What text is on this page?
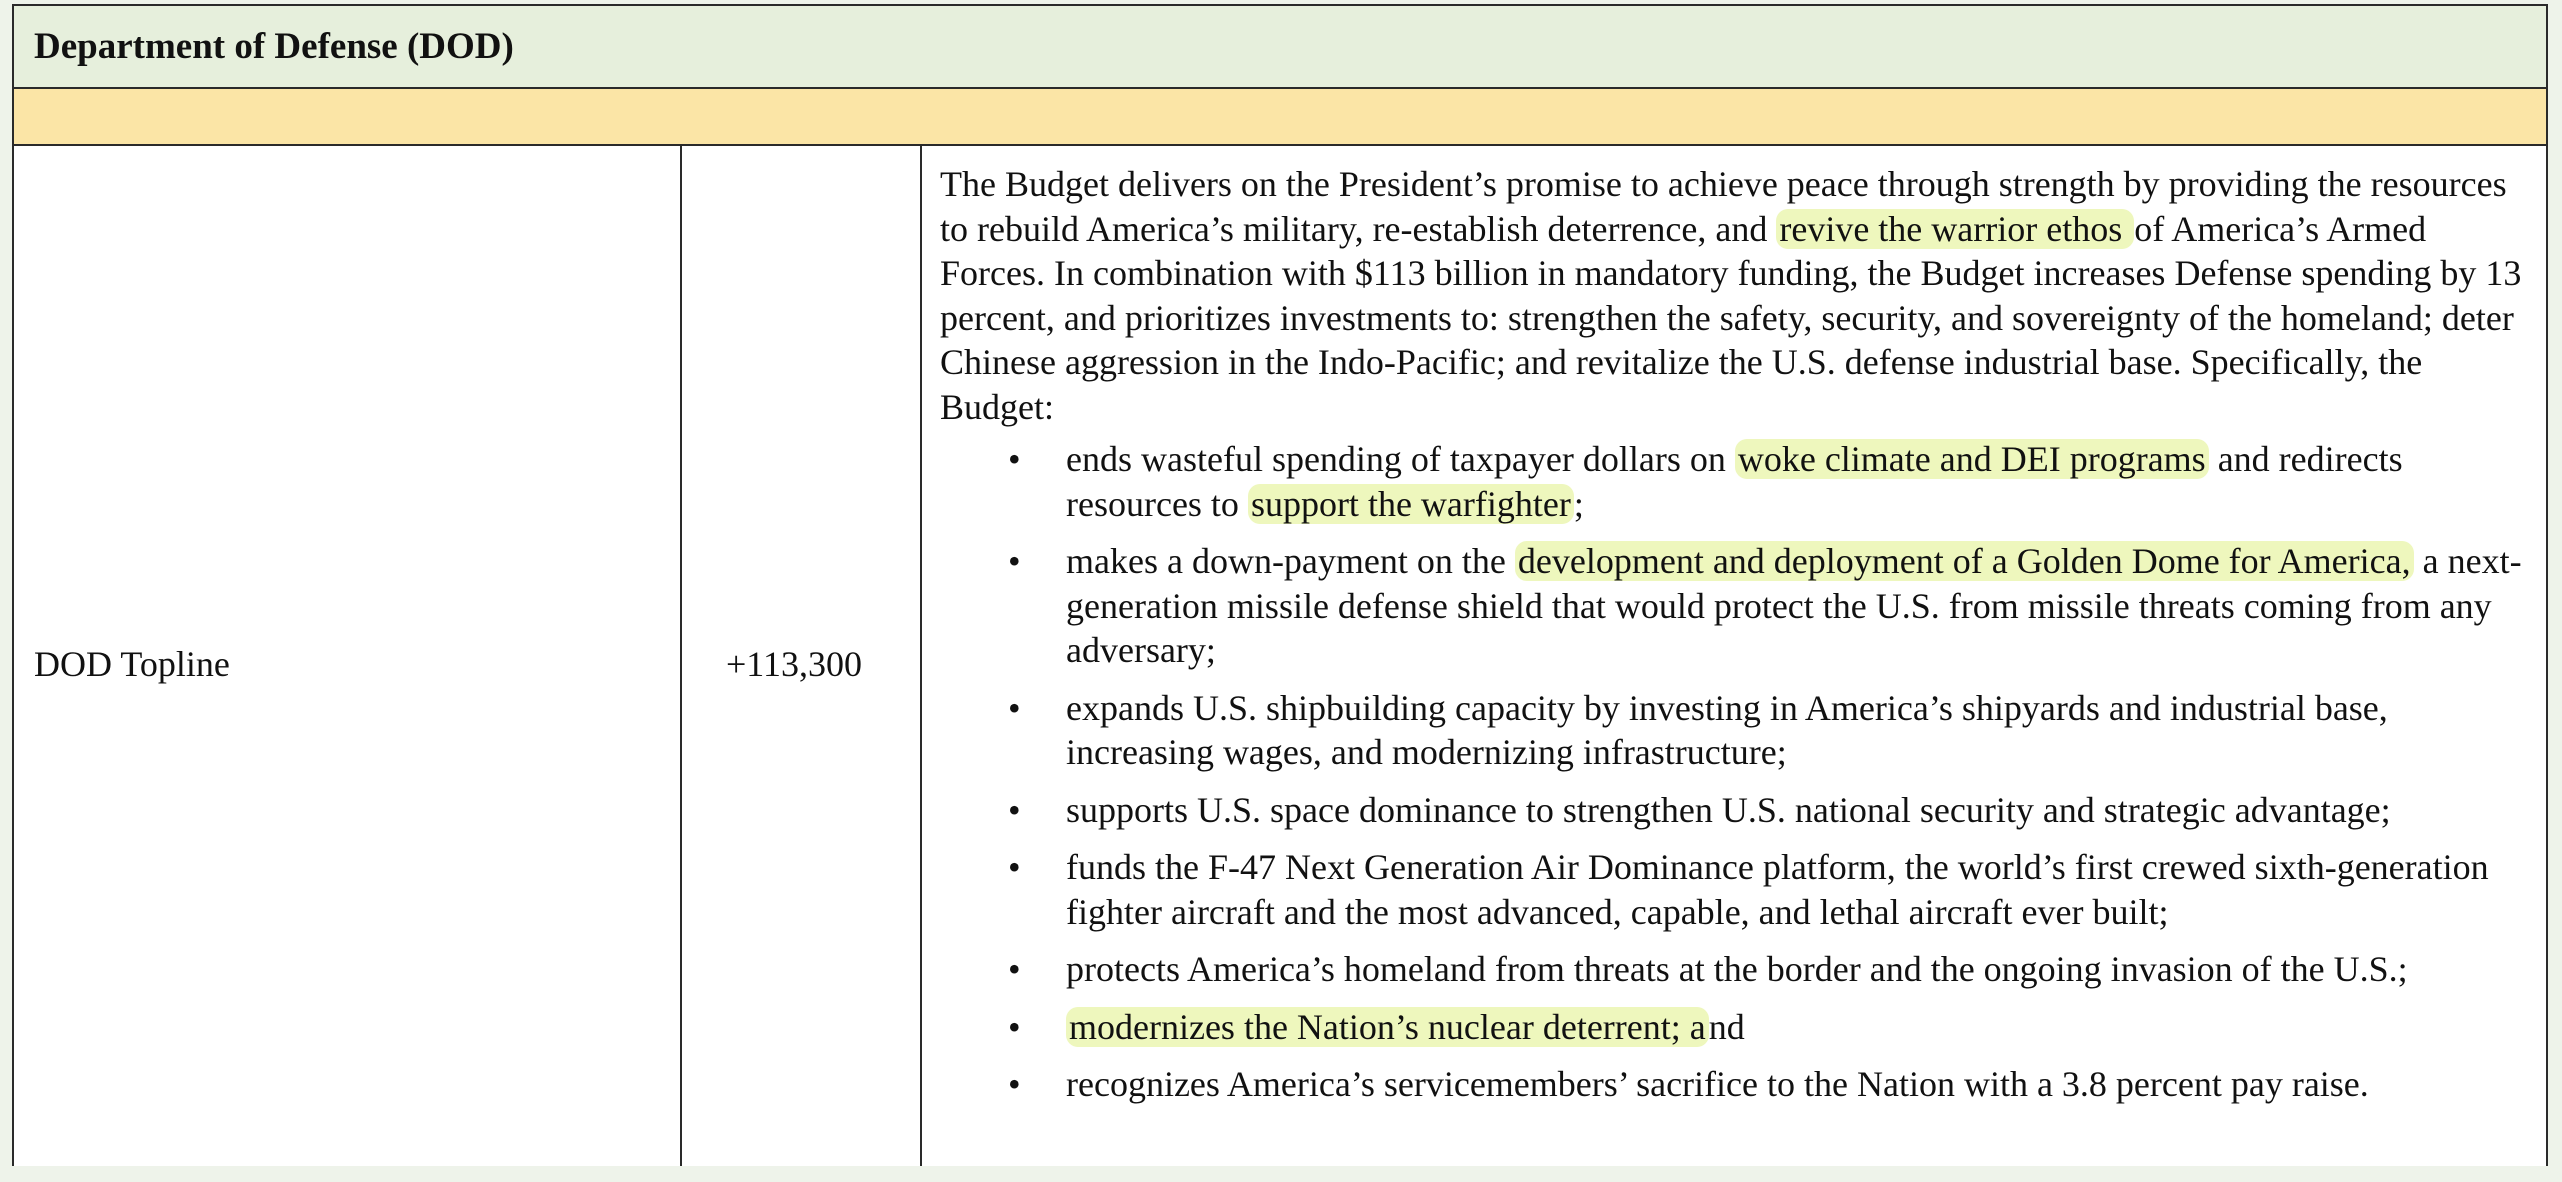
Department of Defense (DOD)
DOD Topline	+113,300

The Budget delivers on the President’s promise to achieve peace through strength by providing the resources to rebuild America’s military, re-establish deterrence, and revive the warrior ethos of America’s Armed Forces. In combination with $113 billion in mandatory funding, the Budget increases Defense spending by 13 percent, and prioritizes investments to: strengthen the safety, security, and sovereignty of the homeland; deter Chinese aggression in the Indo-Pacific; and revitalize the U.S. defense industrial base. Specifically, the Budget:

• ends wasteful spending of taxpayer dollars on woke climate and DEI programs and redirects resources to support the warfighter;
• makes a down-payment on the development and deployment of a Golden Dome for America, a next-generation missile defense shield that would protect the U.S. from missile threats coming from any adversary;
• expands U.S. shipbuilding capacity by investing in America’s shipyards and industrial base, increasing wages, and modernizing infrastructure;
• supports U.S. space dominance to strengthen U.S. national security and strategic advantage;
• funds the F-47 Next Generation Air Dominance platform, the world’s first crewed sixth-generation fighter aircraft and the most advanced, capable, and lethal aircraft ever built;
• protects America’s homeland from threats at the border and the ongoing invasion of the U.S.;
• modernizes the Nation’s nuclear deterrent; and
• recognizes America’s servicemembers’ sacrifice to the Nation with a 3.8 percent pay raise.
